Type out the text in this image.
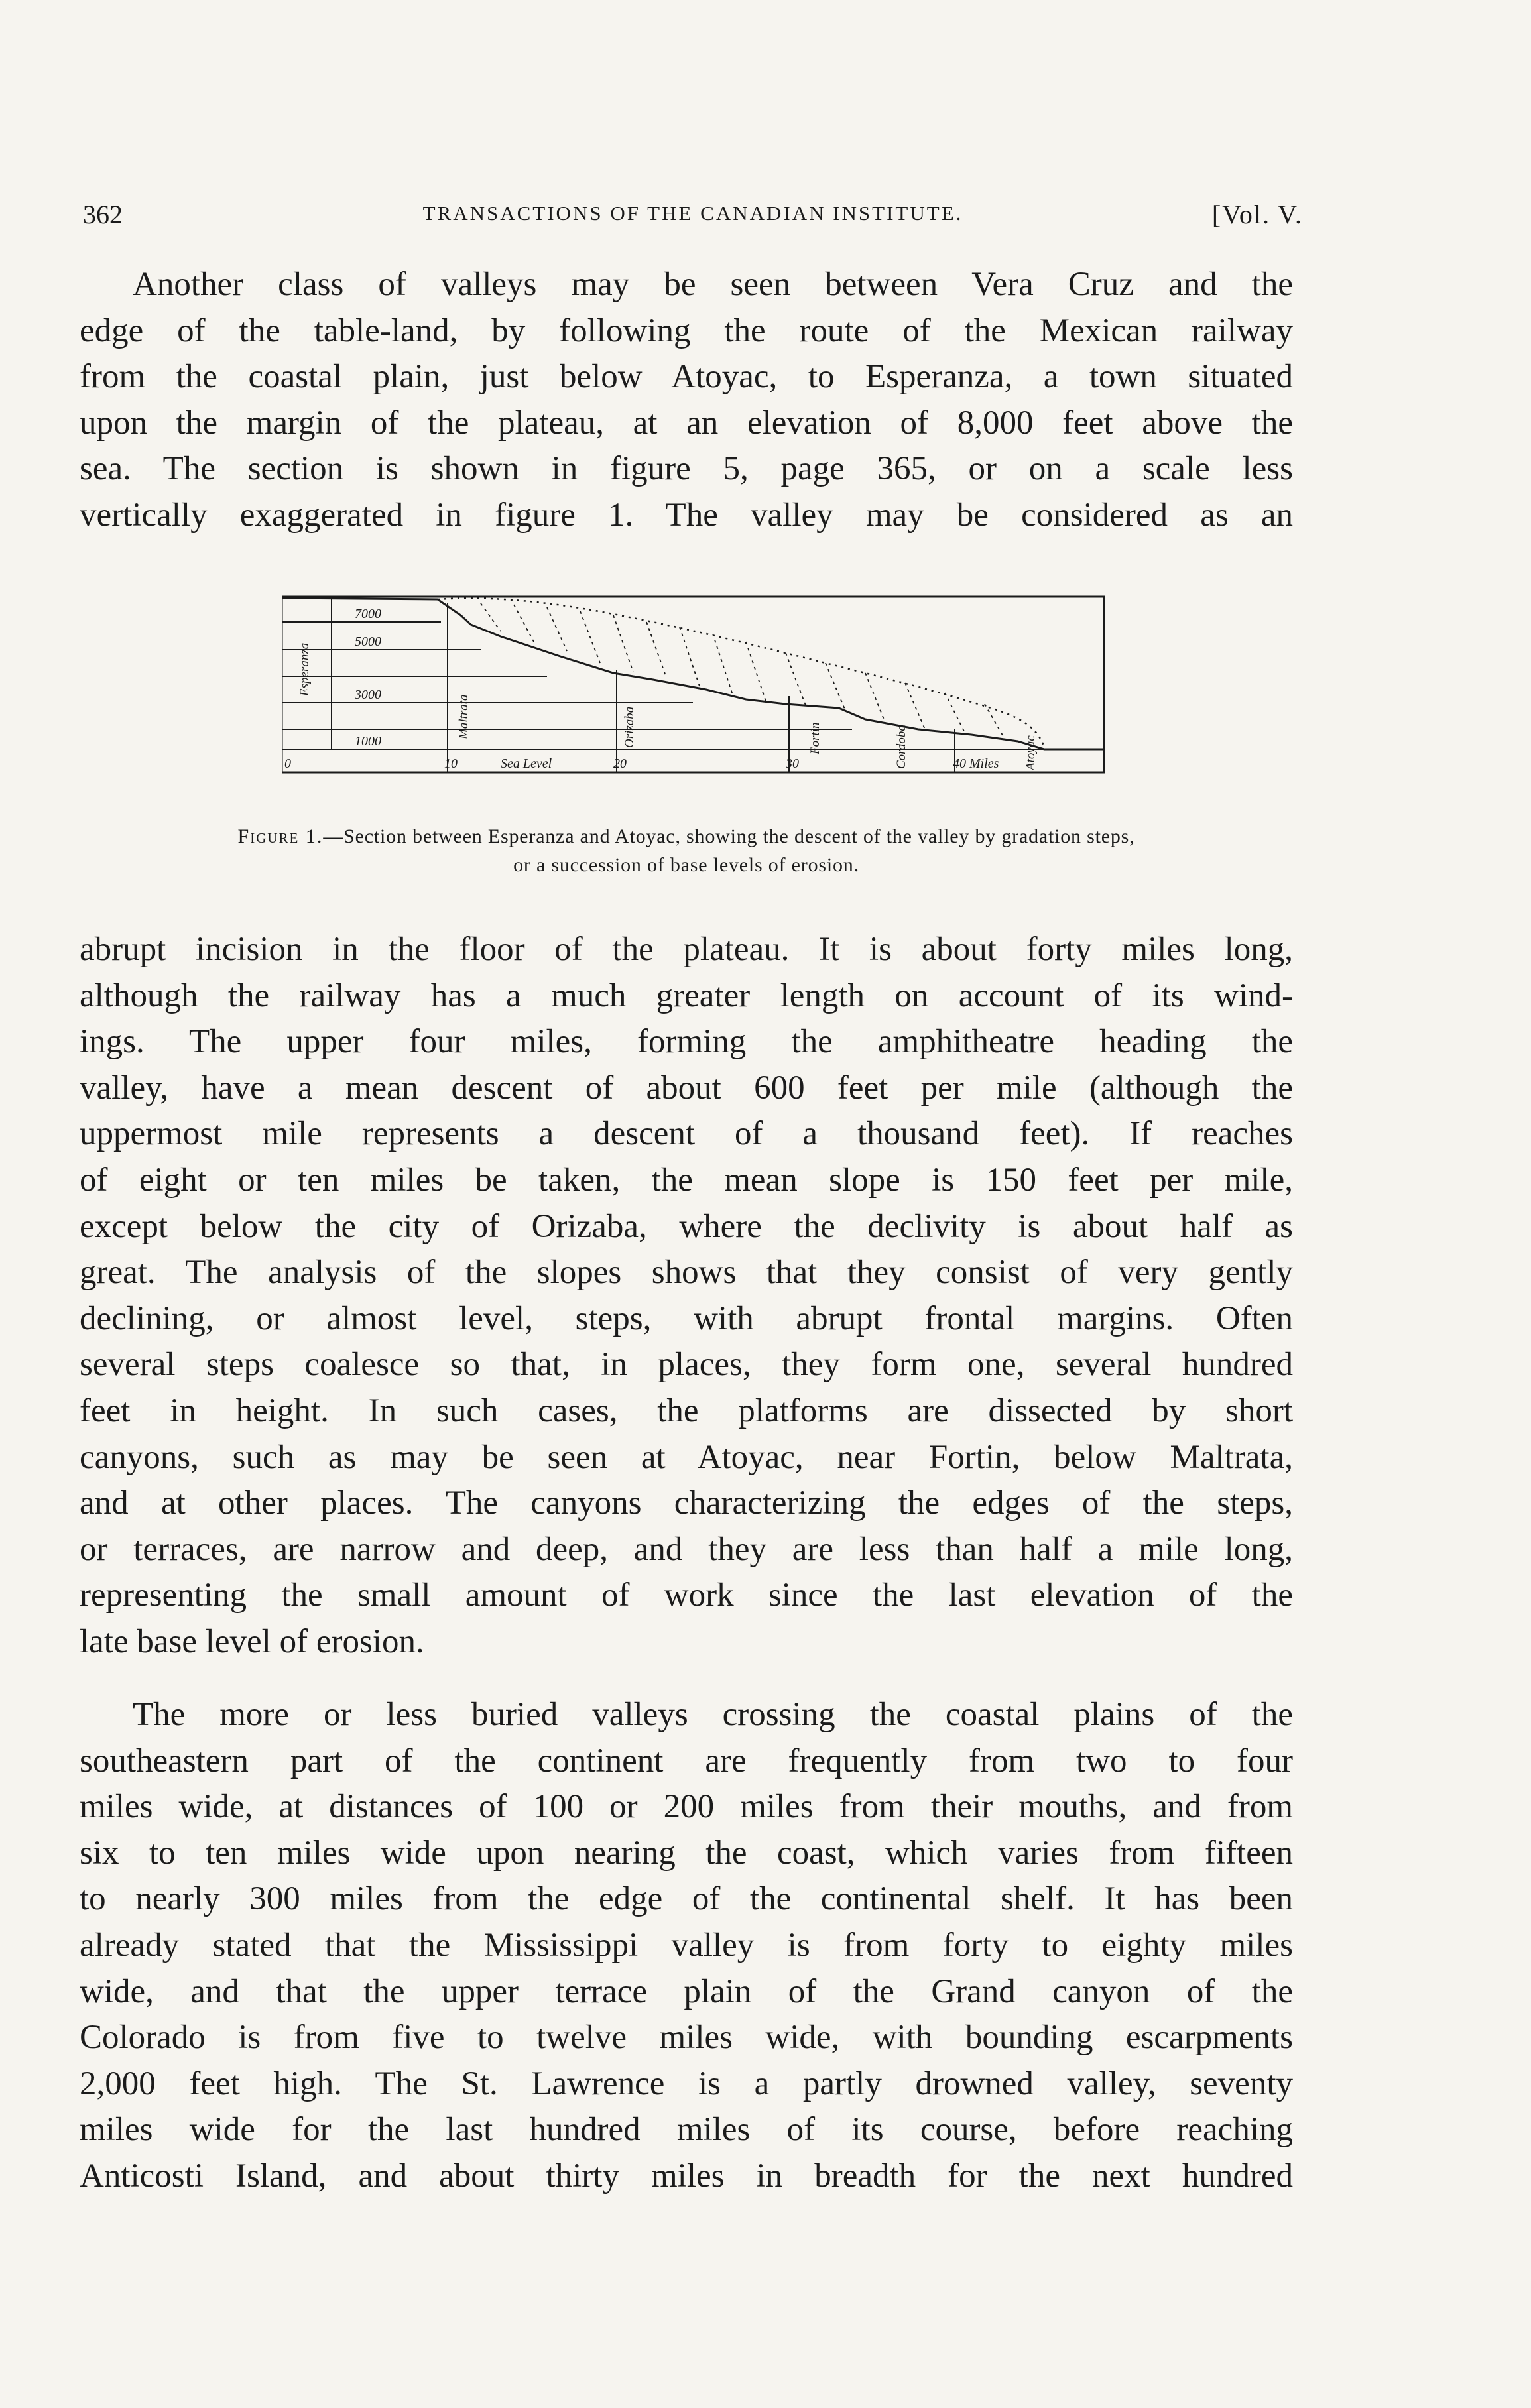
362	TRANSACTIONS OF THE CANADIAN INSTITUTE.	[Vol. V.

Another class of valleys may be seen between Vera Cruz and the
edge of the table-land, by following the route of the Mexican railway
from the coastal plain, just below Atoyac, to Esperanza, a town situated
upon the margin of the plateau, at an elevation of 8,000 feet above the
sea. The section is shown in figure 5, page 365, or on a scale less
vertically exaggerated in figure 1. The valley may be considered as an

7000
5000
3000
1000
0	10	Sea Level	20	30	40 Miles
Esperanza
Maltrata	Orizaba	Fortin	Cordoba	Atoyac
Figure 1.—Section between Esperanza and Atoyac, showing the descent of the valley by gradation steps,
or a succession of base levels of erosion.

abrupt incision in the floor of the plateau. It is about forty miles long,
although the railway has a much greater length on account of its wind-
ings. The upper four miles, forming the amphitheatre heading the
valley, have a mean descent of about 600 feet per mile (although the
uppermost mile represents a descent of a thousand feet). If reaches
of eight or ten miles be taken, the mean slope is 150 feet per mile,
except below the city of Orizaba, where the declivity is about half as
great. The analysis of the slopes shows that they consist of very gently
declining, or almost level, steps, with abrupt frontal margins. Often
several steps coalesce so that, in places, they form one, several hundred
feet in height. In such cases, the platforms are dissected by short
canyons, such as may be seen at Atoyac, near Fortin, below Maltrata,
and at other places. The canyons characterizing the edges of the steps,
or terraces, are narrow and deep, and they are less than half a mile long,
representing the small amount of work since the last elevation of the
late base level of erosion.

The more or less buried valleys crossing the coastal plains of the
southeastern part of the continent are frequently from two to four
miles wide, at distances of 100 or 200 miles from their mouths, and from
six to ten miles wide upon nearing the coast, which varies from fifteen
to nearly 300 miles from the edge of the continental shelf. It has been
already stated that the Mississippi valley is from forty to eighty miles
wide, and that the upper terrace plain of the Grand canyon of the
Colorado is from five to twelve miles wide, with bounding escarpments
2,000 feet high. The St. Lawrence is a partly drowned valley, seventy
miles wide for the last hundred miles of its course, before reaching
Anticosti Island, and about thirty miles in breadth for the next hundred
